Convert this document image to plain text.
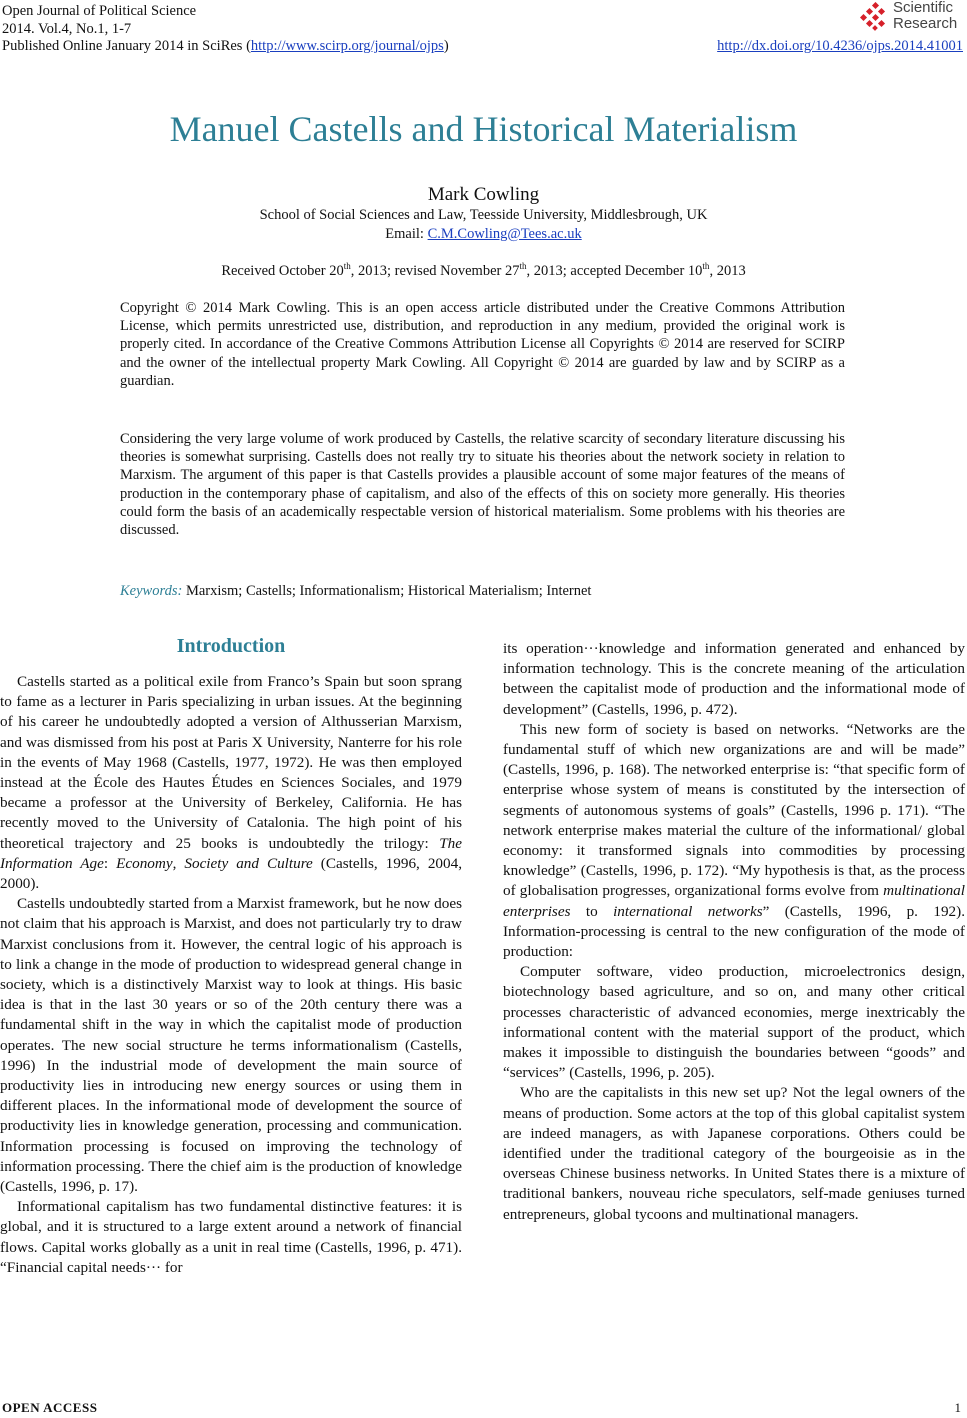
Open Journal of Political Science
2014. Vol.4, No.1, 1-7
Published Online January 2014 in SciRes (http://www.scirp.org/journal/ojps)	http://dx.doi.org/10.4236/ojps.2014.41001
Scientific
Research
Manuel Castells and Historical Materialism
Mark Cowling
School of Social Sciences and Law, Teesside University, Middlesbrough, UK
Email: C.M.Cowling@Tees.ac.uk
Received October 20th, 2013; revised November 27th, 2013; accepted December 10th, 2013
Copyright © 2014 Mark Cowling. This is an open access article distributed under the Creative Commons Attribution License, which permits unrestricted use, distribution, and reproduction in any medium, provided the original work is properly cited. In accordance of the Creative Commons Attribution License all Copyrights © 2014 are reserved for SCIRP and the owner of the intellectual property Mark Cowling. All Copyright © 2014 are guarded by law and by SCIRP as a guardian.
Considering the very large volume of work produced by Castells, the relative scarcity of secondary literature discussing his theories is somewhat surprising. Castells does not really try to situate his theories about the network society in relation to Marxism. The argument of this paper is that Castells provides a plausible account of some major features of the means of production in the contemporary phase of capitalism, and also of the effects of this on society more generally. His theories could form the basis of an academically respectable version of historical materialism. Some problems with his theories are discussed.
Keywords: Marxism; Castells; Informationalism; Historical Materialism; Internet
Introduction

Castells started as a political exile from Franco’s Spain but soon sprang to fame as a lecturer in Paris specializing in urban issues. At the beginning of his career he undoubtedly adopted a version of Althusserian Marxism, and was dismissed from his post at Paris X University, Nanterre for his role in the events of May 1968 (Castells, 1977, 1972). He was then employed instead at the École des Hautes Études en Sciences Sociales, and 1979 became a professor at the University of Berkeley, California. He has recently moved to the University of Catalonia. The high point of his theoretical trajectory and 25 books is undoubtedly the trilogy: The Information Age: Economy, Society and Culture (Castells, 1996, 2004, 2000).

Castells undoubtedly started from a Marxist framework, but he now does not claim that his approach is Marxist, and does not particularly try to draw Marxist conclusions from it. However, the central logic of his approach is to link a change in the mode of production to widespread general change in society, which is a distinctively Marxist way to look at things. His basic idea is that in the last 30 years or so of the 20th century there was a fundamental shift in the way in which the capitalist mode of production operates. The new social structure he terms informationalism (Castells, 1996) In the industrial mode of development the main source of productivity lies in introducing new energy sources or using them in different places. In the informational mode of development the source of productivity lies in knowledge generation, processing and communication. Information processing is focused on improving the technology of information processing. There the chief aim is the production of knowledge (Castells, 1996, p. 17).

Informational capitalism has two fundamental distinctive features: it is global, and it is structured to a large extent around a network of financial flows. Capital works globally as a unit in real time (Castells, 1996, p. 471). “Financial capital needs··· for

its operation···knowledge and information generated and enhanced by information technology. This is the concrete meaning of the articulation between the capitalist mode of production and the informational mode of development” (Castells, 1996, p. 472).

This new form of society is based on networks. “Networks are the fundamental stuff of which new organizations are and will be made” (Castells, 1996, p. 168). The networked enterprise is: “that specific form of enterprise whose system of means is constituted by the intersection of segments of autonomous systems of goals” (Castells, 1996 p. 171). “The network enterprise makes material the culture of the informational/ global economy: it transformed signals into commodities by processing knowledge” (Castells, 1996, p. 172). “My hypothesis is that, as the process of globalisation progresses, organizational forms evolve from multinational enterprises to international networks” (Castells, 1996, p. 192). Information-processing is central to the new configuration of the mode of production:

Computer software, video production, microelectronics design, biotechnology based agriculture, and so on, and many other critical processes characteristic of advanced economies, merge inextricably the informational content with the material support of the product, which makes it impossible to distinguish the boundaries between “goods” and “services” (Castells, 1996, p. 205).

Who are the capitalists in this new set up? Not the legal owners of the means of production. Some actors at the top of this global capitalist system are indeed managers, as with Japanese corporations. Others could be identified under the traditional category of the bourgeoisie as in the overseas Chinese business networks. In United States there is a mixture of traditional bankers, nouveau riche speculators, self-made geniuses turned entrepreneurs, global tycoons and multinational managers.

OPEN ACCESS	1
